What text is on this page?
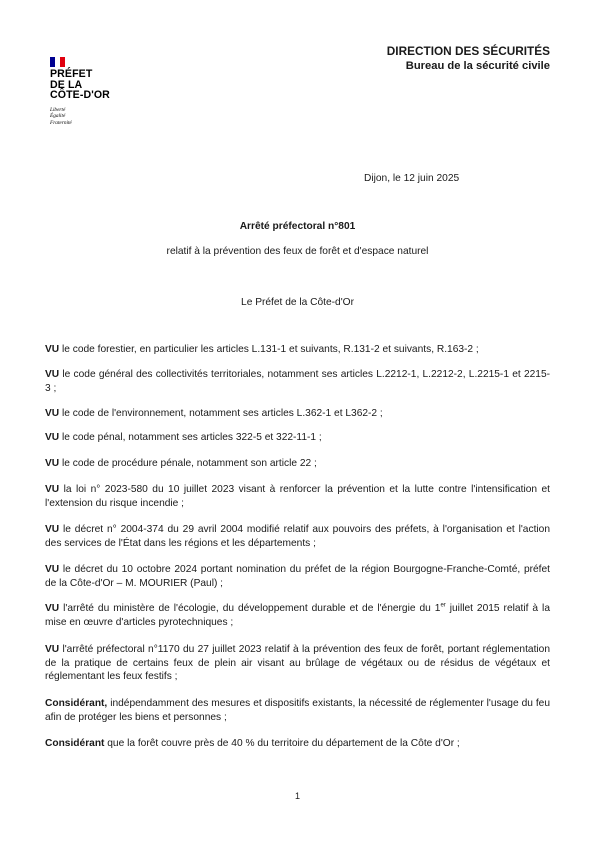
PRÉFET
DE LA
CÔTE-D'OR
Liberté
Égalité
Fraternité
DIRECTION DES SÉCURITÉS
Bureau de la sécurité civile
Dijon, le 12 juin 2025
Arrêté préfectoral n°801
relatif à la prévention des feux de forêt et d'espace naturel
Le Préfet de la Côte-d'Or

VU le code forestier, en particulier les articles L.131-1 et suivants, R.131-2 et suivants, R.163-2 ;

VU le code général des collectivités territoriales, notamment ses articles L.2212-1, L.2212-2, L.2215-1 et 2215-3 ;

VU le code de l'environnement, notamment ses articles L.362-1 et L362-2 ;

VU le code pénal, notamment ses articles 322-5 et 322-11-1 ;

VU le code de procédure pénale, notamment son article 22 ;

VU la loi n° 2023-580 du 10 juillet 2023 visant à renforcer la prévention et la lutte contre l'intensification et l'extension du risque incendie ;

VU le décret n° 2004-374 du 29 avril 2004 modifié relatif aux pouvoirs des préfets, à l'organisation et l'action des services de l'État dans les régions et les départements ;

VU le décret du 10 octobre 2024 portant nomination du préfet de la région Bourgogne-Franche-Comté, préfet de la Côte-d'Or – M. MOURIER (Paul) ;

VU l'arrêté du ministère de l'écologie, du développement durable et de l'énergie du 1er juillet 2015 relatif à la mise en œuvre d'articles pyrotechniques ;

VU l'arrêté préfectoral n°1170 du 27 juillet 2023 relatif à la prévention des feux de forêt, portant réglementation de la pratique de certains feux de plein air visant au brûlage de végétaux ou de résidus de végétaux et réglementant les feux festifs ;

Considérant, indépendamment des mesures et dispositifs existants, la nécessité de réglementer l'usage du feu afin de protéger les biens et personnes ;

Considérant que la forêt couvre près de 40 % du territoire du département de la Côte d'Or ;

1
